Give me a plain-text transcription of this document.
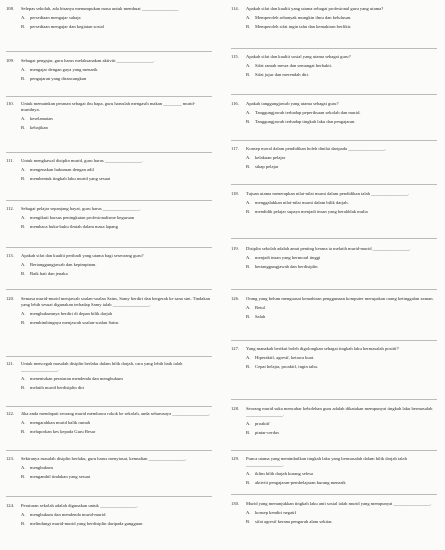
108.	Selepas sekolah, ada bisanya menumpukan masa untuk membuat ________________
A. persediaan mengajar sahaja
B.	persediaan mengajar dan kegiatan sosial
109.	Sebagai pengajar, guru harus melaksanakan aktiviti ________________.
A. mengajar dengan gaya yang menarik
B.	pengajaran yang dirancangkan
110.	Untuk memainkan peranan sebagai ibu bapa, guru haruslah mengasih makan ________ murid-muridnya.
A. keselamatan
B.	kebajikan
111.	Untuk mengkawal disiplin murid, guru harus ________________.
A. mengenakan hukuman dengan adil
B.	membentuk tingkah laku murid yang sesuai
112.	Sebagai pelajar sepanjang hayat, guru harus ________________.
A. mengikuti kursus peningkatan profesionalisme keguruan
B.	membaca buku-buku ilmiah dalam masa lapang
113.	Apakah sifat dan kualiti peribadi yang utama bagi seseorang guru?
A. Bertanggungjawab dan kepimpinan.
B.	Baik hati dan jenaka
120.	Semasa murid-murid menjawab soalan-soalan Sains, Samy berdiri dan bergerak ke sana sini. Tindakan yang lebih sesuai digunakan terhadap Samy ialah ________________.
A. menghukumnya berdiri di depan bilik darjah
B.	membimbingnya menjawab soalan-soalan Sains
121.	Untuk mencegah masalah disiplin berlaku dalam bilik darjah, cara yang lebih baik ialah ________________.
A. menentukan peraturan mendenda dan menghukum
B.	melatih murid berdisiplin diri
122.	Jika anda mendapati seorang murid membawa rokok ke sekolah, anda seharusnya ________________.
A. mengarahkan murid balik rumah
B.	melaporkan kes kepada Guru Besar
123.	Sekiranya masalah disiplin berlaku, guru harus menyiasat, kemudian ________________.
A. menghukum
B.	mengambil tindakan yang sesuai
124.	Peraturan sekolah adalah digunakan untuk ________________.
A. menghukum dan mendenda murid-murid
B.	melindungi murid-murid yang berdisiplin daripada gangguan
114.	Apakah sifat dan kualiti yang utama sebagai profesional guru yang utama?
A. Memperoleh sebanyak mungkin ilmu dan kelulusan.
B.	Memperoleh sifat ingin tahu dan kemahiran berfikir.
115.	Apakah sifat dan kualiti sosial yang utama sebagai guru?
A. Sifat ramah mesra dan semangat berbakti.
B.	Sifat jujur dan merendah diri.
116.	Apakah tanggungjawab yang utama sebagai guru?
A. Tanggungjawab terhadap peperiksaan sekolah dan murid.
B.	Tanggungjawab terhadap tingkah laku dan pengajaran.
117.	Konsep moral dalam pendidikan boleh dinilai daripada ________________.
A. kelakuan pelajar
B.	sikap pelajar
118.	Tujuan utama menerapkan nilai-nilai murni dalam pendidikan ialah ________________.
A. menggalakkan nilai-nilai murni dalam bilik darjah.
B.	mendidik pelajar supaya menjadi insan yang berakhlak mulia
119.	Disiplin sekolah adalah amat penting kerana ia melatih murid-murid ________________.
A. menjadi insan yang bermoral tinggi
B.	bertanggungjawab dan berdisiplin
126.	Orang yang belum menguasai kemahiran penggunaan komputer merupakan orang ketinggalan zaman.
A. Betul
B.	Salah
127.	Yang manakah berikut boleh digolongkan sebagai tingkah laku bermasalah positif?
A. Hiperaktif, agresif, ketawa kuat.
B.	Cepat belajar, proaktif, ingin tahu.
128.	Seorang murid suka mencabar kebolehan guru adalah dikatakan mempunyai tingkah laku bermasalah ________________.
A. proaktif
B.	pintar-cerdas
129.	Punca utama yang menimbulkan tingkah laku yang bermasalah dalam bilik darjah ialah ________________.
A. iklim bilik darjah kurang selesa
B.	aktiviti pengajaran-pembelajaran kurang menarik
130.	Murid yang menunjukkan tingkah laku anti sosial ialah murid yang mempunyai ________________.
A. konsep kendiri negatif
B.	sifat agresif kerana pengaruh alam sekitar.
